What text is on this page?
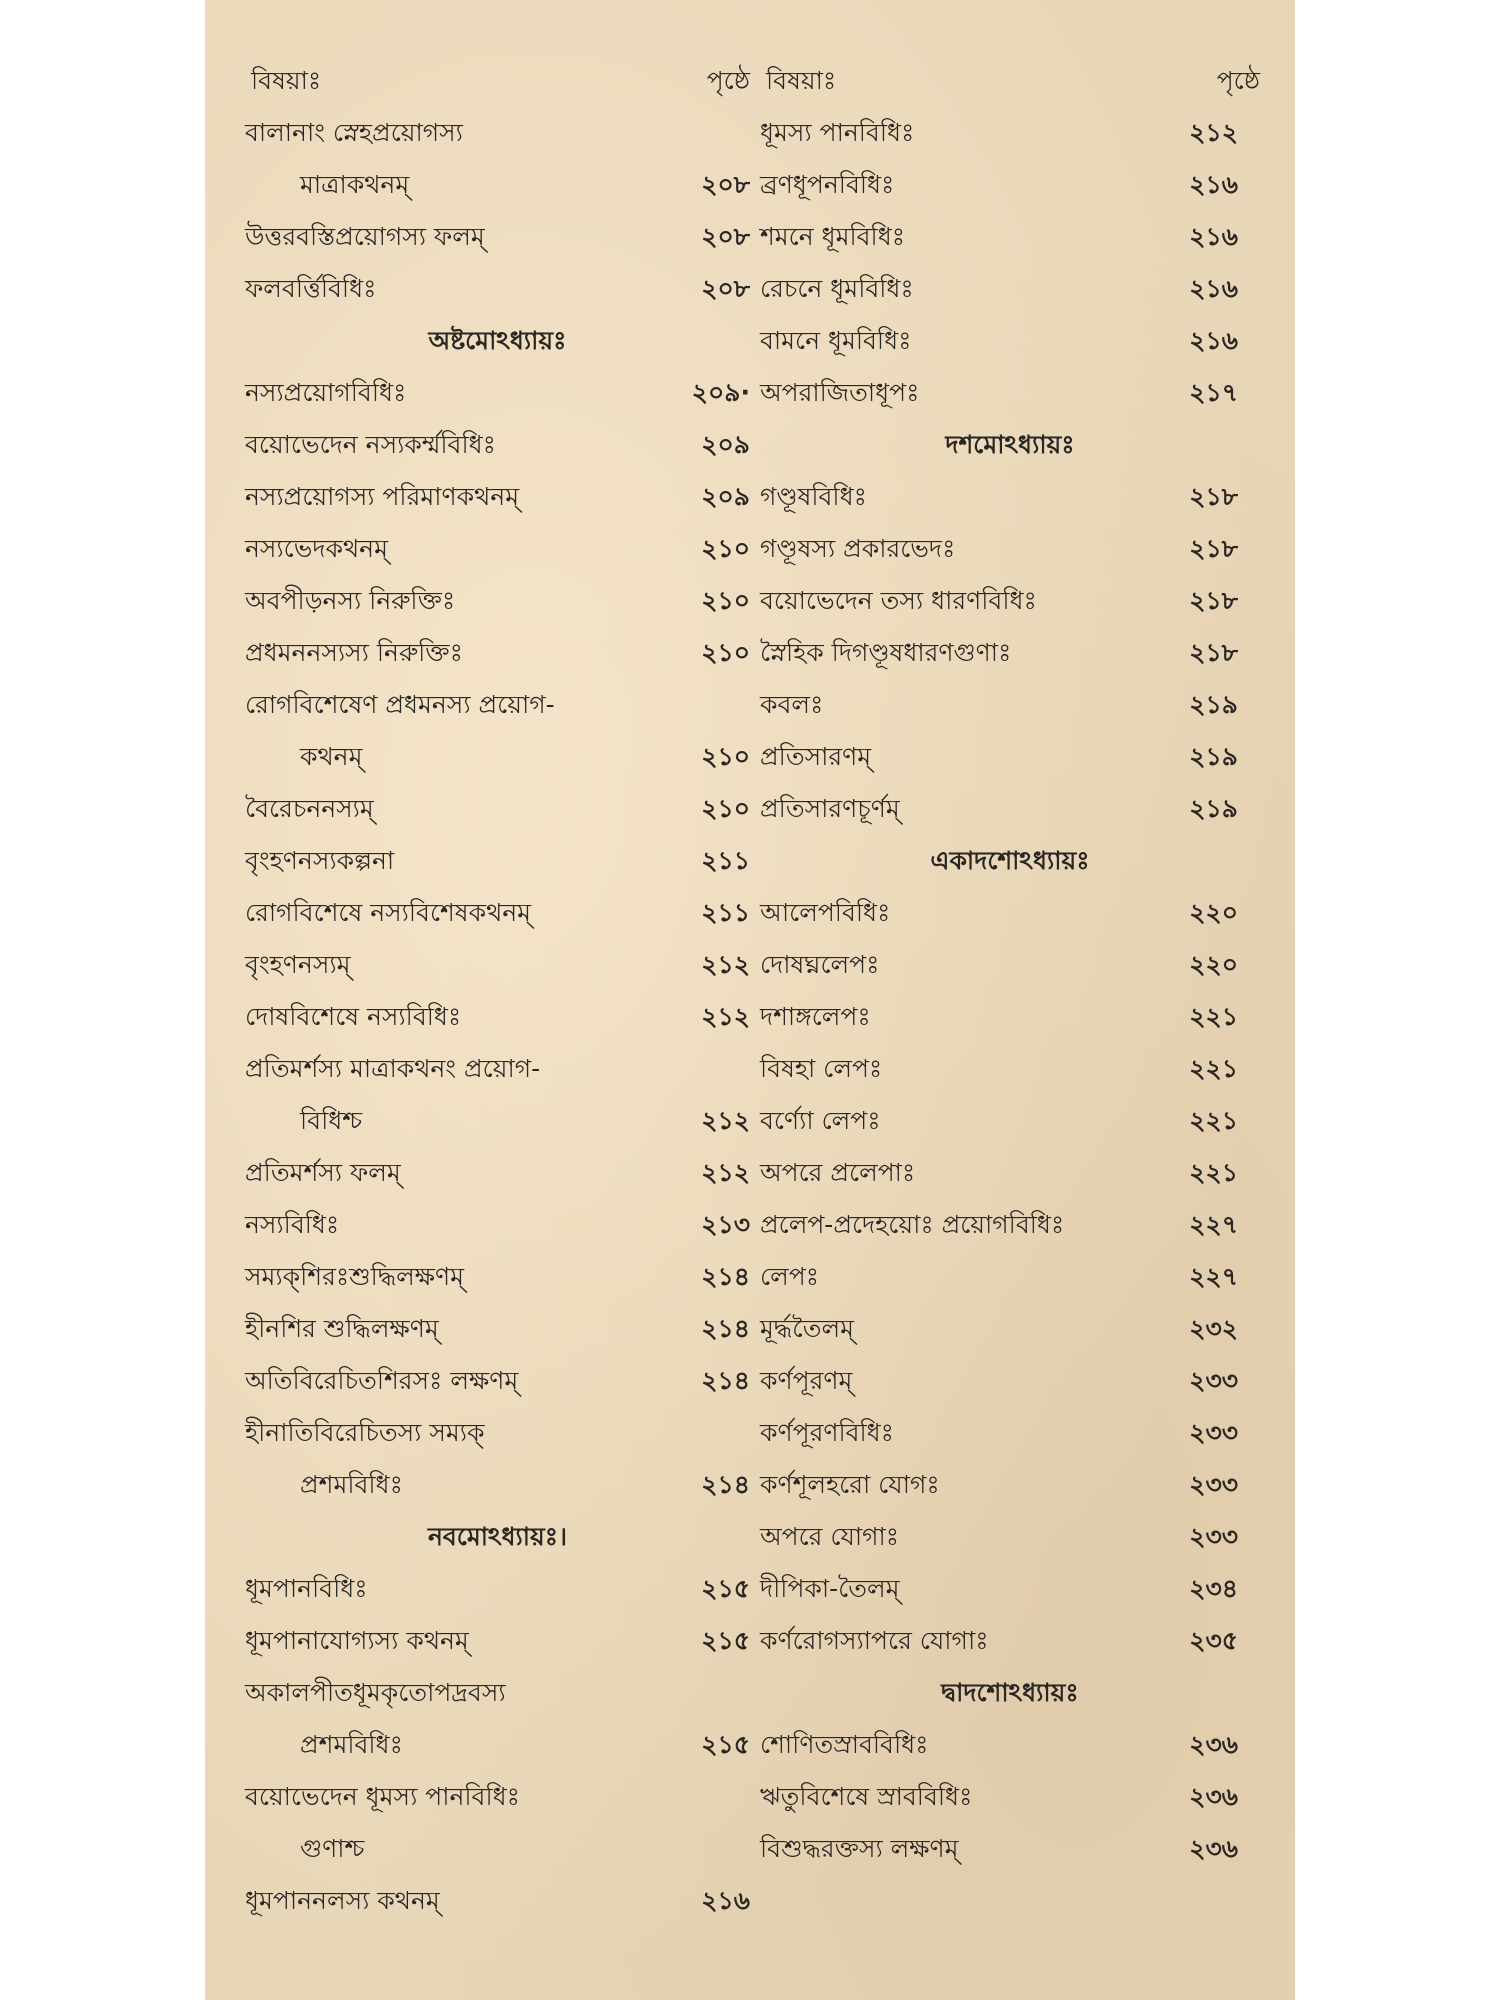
বিষয়াঃ	পৃষ্ঠে
বালানাং স্নেহপ্রয়োগস্য
মাত্রাকথনম্	২০৮
উত্তরবস্তিপ্রয়োগস্য ফলম্	২০৮
ফলবর্ত্তিবিধিঃ	২০৮
অষ্টমোঽধ্যায়ঃ
নস্যপ্রয়োগবিধিঃ	২০৯·
বয়োভেদেন নস্যকর্ম্মবিধিঃ	২০৯
নস্যপ্রয়োগস্য পরিমাণকথনম্	২০৯
নস্যভেদকথনম্	২১০
অবপীড়নস্য নিরুক্তিঃ	২১০
প্রধমননস্যস্য নিরুক্তিঃ	২১০
রোগবিশেষেণ প্রধমনস্য প্রয়োগ-
কথনম্	২১০
বৈরেচননস্যম্	২১০
বৃংহণনস্যকল্পনা	২১১
রোগবিশেষে নস্যবিশেষকথনম্	২১১
বৃংহণনস্যম্	২১২
দোষবিশেষে নস্যবিধিঃ	২১২
প্রতিমর্শস্য মাত্রাকথনং প্রয়োগ-
বিধিশ্চ	২১২
প্রতিমর্শস্য ফলম্	২১২
নস্যবিধিঃ	২১৩
সম্যক্‌শিরঃশুদ্ধিলক্ষণম্	২১৪
হীনশির শুদ্ধিলক্ষণম্	২১৪
অতিবিরেচিতশিরসঃ লক্ষণম্	২১৪
হীনাতিবিরেচিতস্য সম্যক্
প্রশমবিধিঃ	২১৪
নবমোঽধ্যায়ঃ।
ধূমপানবিধিঃ	২১৫
ধূমপানাযোগ্যস্য কথনম্	২১৫
অকালপীতধূমকৃতোপদ্রবস্য
প্রশমবিধিঃ	২১৫
বয়োভেদেন ধূমস্য পানবিধিঃ
গুণাশ্চ
ধূমপাননলস্য কথনম্	২১৬
বিষয়াঃ	পৃষ্ঠে
ধূমস্য পানবিধিঃ	২১২
ব্রণধূপনবিধিঃ	২১৬
শমনে ধূমবিধিঃ	২১৬
রেচনে ধূমবিধিঃ	২১৬
বামনে ধূমবিধিঃ	২১৬
অপরাজিতাধূপঃ	২১৭
দশমোঽধ্যায়ঃ
গণ্ডূষবিধিঃ	২১৮
গণ্ডূষস্য প্রকারভেদঃ	২১৮
বয়োভেদেন তস্য ধারণবিধিঃ	২১৮
স্নৈহিক দিগণ্ডূষধারণগুণাঃ	২১৮
কবলঃ	২১৯
প্রতিসারণম্	২১৯
প্রতিসারণচূর্ণম্	২১৯
একাদশোঽধ্যায়ঃ
আলেপবিধিঃ	২২০
দোষঘ্নলেপঃ	২২০
দশাঙ্গলেপঃ	২২১
বিষহা লেপঃ	২২১
বর্ণ্যো লেপঃ	২২১
অপরে প্রলেপাঃ	২২১
প্রলেপ-প্রদেহয়োঃ প্রয়োগবিধিঃ	২২৭
লেপঃ	২২৭
মূর্দ্ধতৈলম্	২৩২
কর্ণপূরণম্	২৩৩
কর্ণপূরণবিধিঃ	২৩৩
কর্ণশূলহরো যোগঃ	২৩৩
অপরে যোগাঃ	২৩৩
দীপিকা-তৈলম্	২৩৪
কর্ণরোগস্যাপরে যোগাঃ	২৩৫
দ্বাদশোঽধ্যায়ঃ
শোণিতস্রাববিধিঃ	২৩৬
ঋতুবিশেষে স্রাববিধিঃ	২৩৬
বিশুদ্ধরক্তস্য লক্ষণম্	২৩৬
